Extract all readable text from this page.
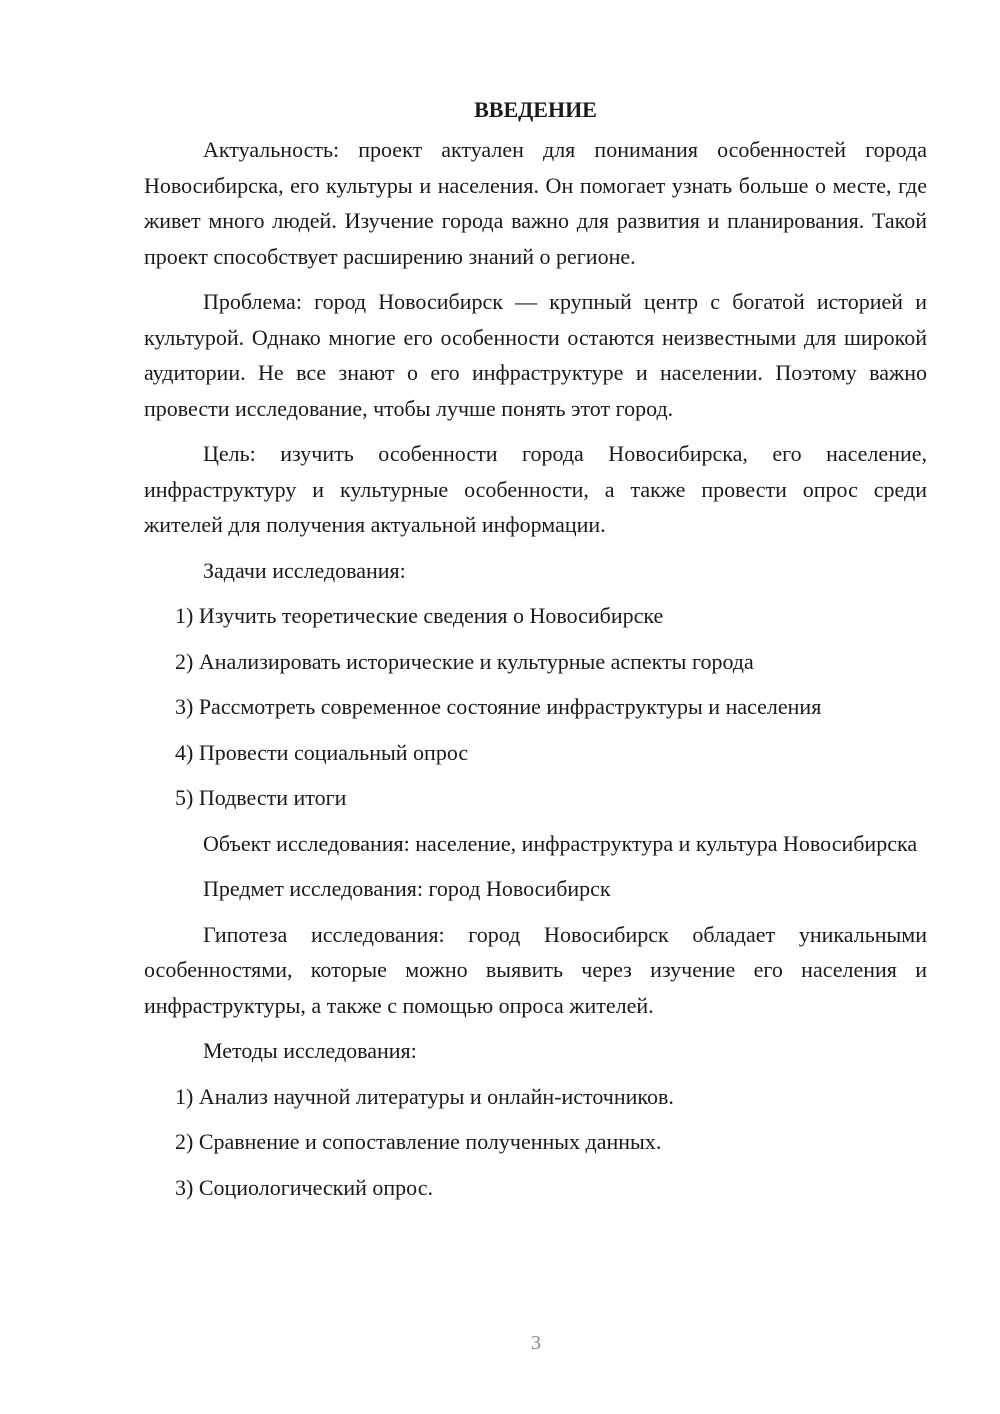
ВВЕДЕНИЕ

Актуальность: проект актуален для понимания особенностей города Новосибирска, его культуры и населения. Он помогает узнать больше о месте, где живет много людей. Изучение города важно для развития и планирования. Такой проект способствует расширению знаний о регионе.

Проблема: город Новосибирск — крупный центр с богатой историей и культурой. Однако многие его особенности остаются неизвестными для широкой аудитории. Не все знают о его инфраструктуре и населении. Поэтому важно провести исследование, чтобы лучше понять этот город.

Цель: изучить особенности города Новосибирска, его население, инфраструктуру и культурные особенности, а также провести опрос среди жителей для получения актуальной информации.

Задачи исследования:

1) Изучить теоретические сведения о Новосибирске
2) Анализировать исторические и культурные аспекты города
3) Рассмотреть современное состояние инфраструктуры и населения
4) Провести социальный опрос
5) Подвести итоги

Объект исследования: население, инфраструктура и культура Новосибирска

Предмет исследования: город Новосибирск

Гипотеза исследования: город Новосибирск обладает уникальными особенностями, которые можно выявить через изучение его населения и инфраструктуры, а также с помощью опроса жителей.

Методы исследования:

1) Анализ научной литературы и онлайн-источников.
2) Сравнение и сопоставление полученных данных.
3) Социологический опрос.
3
